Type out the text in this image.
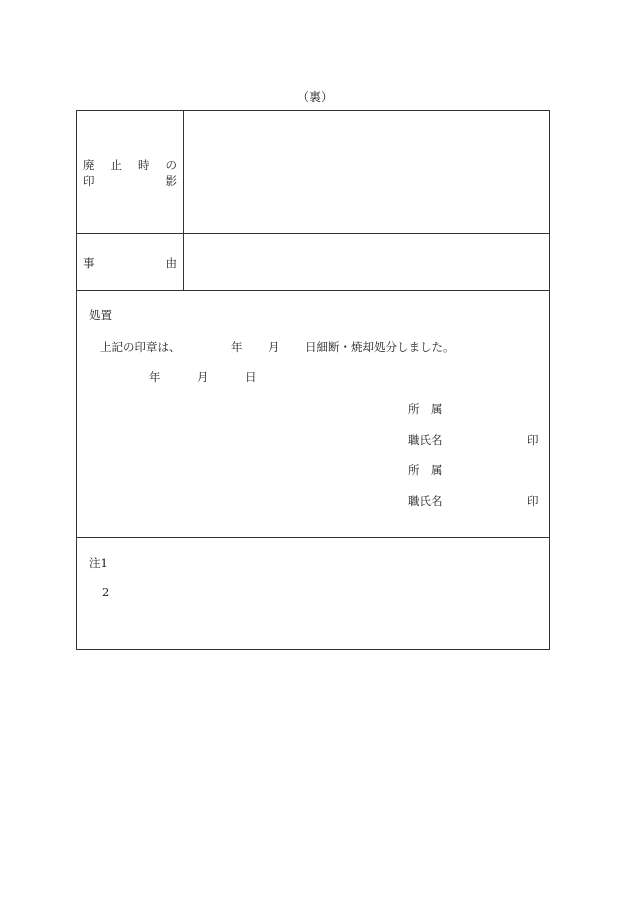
（裏）
廃 止 時 の
印	影
事	由
処置
上記の印章は、	年 月 日細断・焼却処分しました。
年	月	日
所　属
職氏名	印
所　属
職氏名	印
注1
2
